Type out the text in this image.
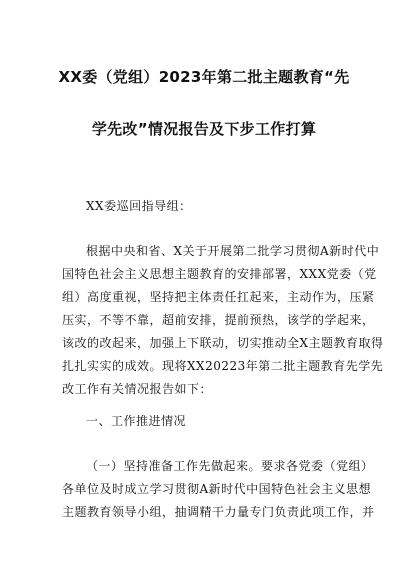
XX委（党组）2023年第二批主题教育“先
学先改”情况报告及下步工作打算
XX委巡回指导组：
根据中央和省、X关于开展第二批学习贯彻A新时代中
国特色社会主义思想主题教育的安排部署，XXX党委（党
组）高度重视，坚持把主体责任扛起来，主动作为，压紧
压实，不等不靠，超前安排，提前预热，该学的学起来，
该改的改起来，加强上下联动，切实推动全X主题教育取得
扎扎实实的成效。现将XX20223年第二批主题教育先学先
改工作有关情况报告如下：
一、工作推进情况
（一）坚持准备工作先做起来。要求各党委（党组）
各单位及时成立学习贯彻A新时代中国特色社会主义思想
主题教育领导小组，抽调精干力量专门负责此项工作，并
